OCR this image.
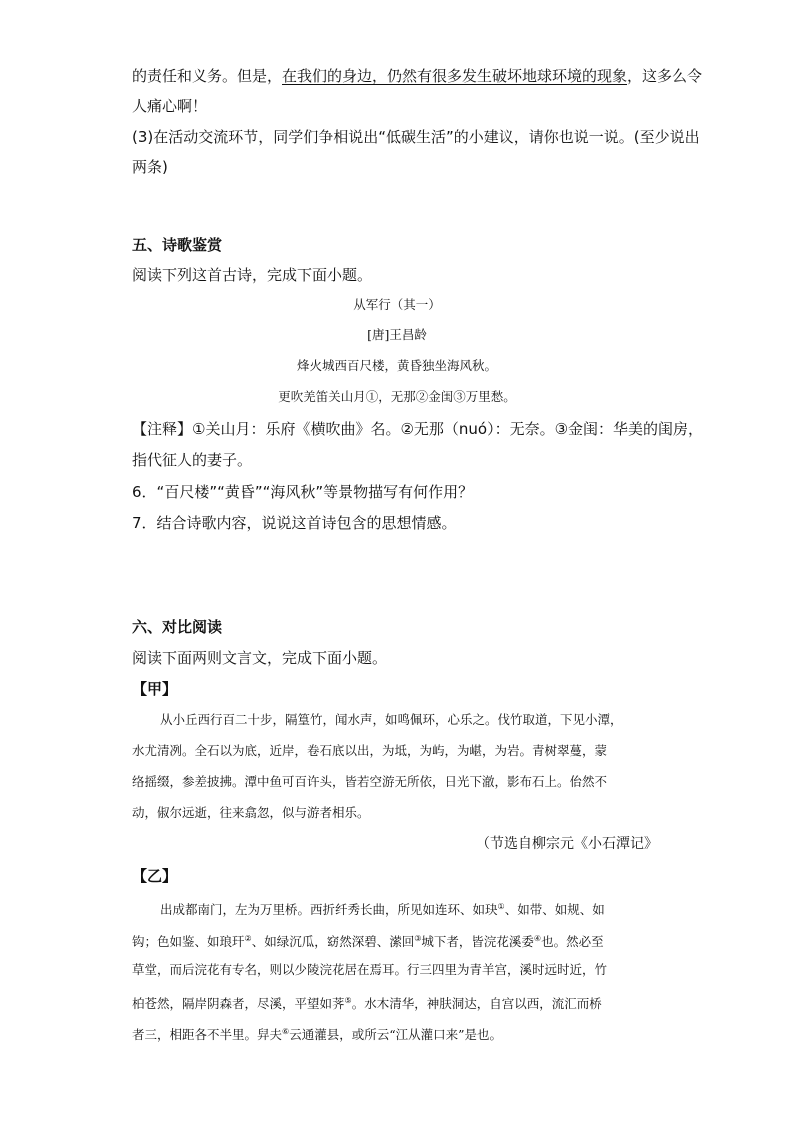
的责任和义务。但是，在我们的身边，仍然有很多发生破坏地球环境的现象，这多么令
人痛心啊！
(3)在活动交流环节，同学们争相说出“低碳生活”的小建议，请你也说一说。(至少说出
两条)
五、诗歌鉴赏
阅读下列这首古诗，完成下面小题。
从军行（其一）
[唐]王昌龄
烽火城西百尺楼，黄昏独坐海风秋。
更吹羌笛关山月①，无那②金闺③万里愁。
【注释】①关山月：乐府《横吹曲》名。②无那（nuó）：无奈。③金闺：华美的闺房，
指代征人的妻子。
6．“百尺楼”“黄昏”“海风秋”等景物描写有何作用？
7．结合诗歌内容，说说这首诗包含的思想情感。
六、对比阅读
阅读下面两则文言文，完成下面小题。
【甲】
从小丘西行百二十步，隔篁竹，闻水声，如鸣佩环，心乐之。伐竹取道，下见小潭，
水尤清冽。全石以为底，近岸，卷石底以出，为坻，为屿，为嵁，为岩。青树翠蔓，蒙
络摇缀，参差披拂。潭中鱼可百许头，皆若空游无所依，日光下澈，影布石上。佁然不
动，俶尔远逝，往来翕忽，似与游者相乐。
（节选自柳宗元《小石潭记》
【乙】
出成都南门，左为万里桥。西折纤秀长曲，所见如连环、如玦①、如带、如规、如
钩；色如鉴、如琅玕②、如绿沉瓜，窈然深碧、潆回③城下者，皆浣花溪委④也。然必至
草堂，而后浣花有专名，则以少陵浣花居在焉耳。行三四里为青羊宫，溪时远时近，竹
柏苍然，隔岸阴森者，尽溪，平望如荠⑤。水木清华，神肤洞达，自宫以西，流汇而桥
者三，相距各不半里。舁夫⑥云通灌县，或所云“江从灌口来”是也。
